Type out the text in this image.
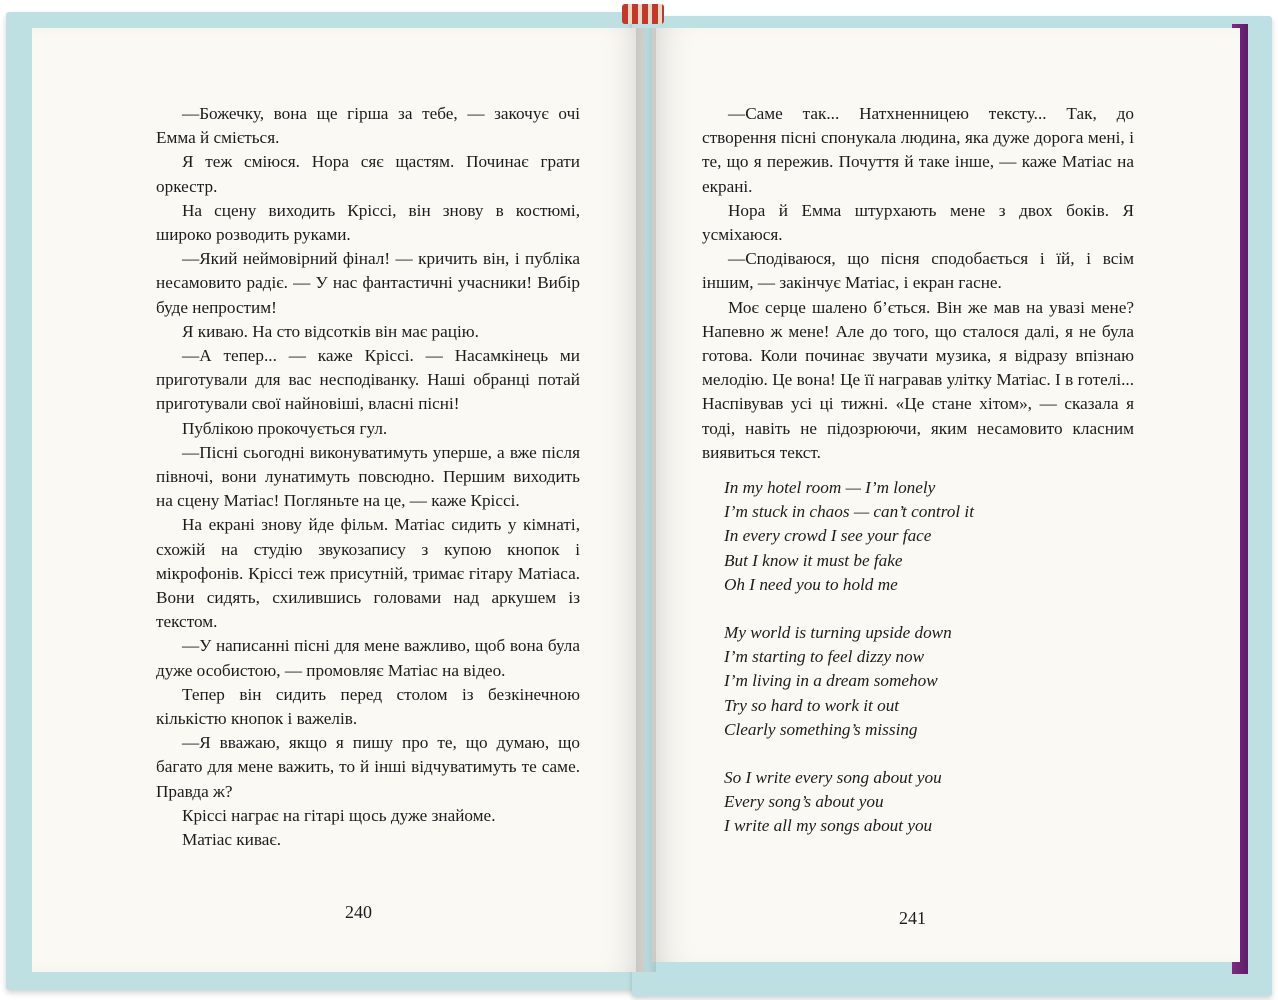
—Божечку, вона ще гірша за тебе, — закочує очі Емма й сміється.

Я теж сміюся. Нора сяє щастям. Починає грати оркестр.

На сцену виходить Кріссі, він знову в костюмі, широко розводить руками.

—Який неймовірний фінал! — кричить він, і публіка несамовито радіє. — У нас фантастичні учасники! Вибір буде непростим!

Я киваю. На сто відсотків він має рацію.

—А тепер... — каже Кріссі. — Насамкінець ми приготували для вас несподіванку. Наші обранці потай приготували свої найновіші, власні пісні!

Публікою прокочується гул.

—Пісні сьогодні виконуватимуть уперше, а вже після півночі, вони лунатимуть повсюдно. Першим виходить на сцену Матіас! Погляньте на це, — каже Кріссі.

На екрані знову йде фільм. Матіас сидить у кімнаті, схожій на студію звукозапису з купою кнопок і мікрофонів. Кріссі теж присутній, тримає гітару Матіаса. Вони сидять, схилившись головами над аркушем із текстом.

—У написанні пісні для мене важливо, щоб вона була дуже особистою, — промовляє Матіас на відео.

Тепер він сидить перед столом із безкінечною кількістю кнопок і важелів.

—Я вважаю, якщо я пишу про те, що думаю, що багато для мене важить, то й інші відчуватимуть те саме. Правда ж?

Кріссі награє на гітарі щось дуже знайоме.

Матіас киває.

240

—Саме так... Натхненницею тексту... Так, до створення пісні спонукала людина, яка дуже дорога мені, і те, що я пережив. Почуття й таке інше, — каже Матіас на екрані.

Нора й Емма штурхають мене з двох боків. Я усміхаюся.

—Сподіваюся, що пісня сподобається і їй, і всім іншим, — закінчує Матіас, і екран гасне.

Моє серце шалено б’ється. Він же мав на увазі мене? Напевно ж мене! Але до того, що сталося далі, я не була готова. Коли починає звучати музика, я відразу впізнаю мелодію. Це вона! Це її награвав улітку Матіас. І в готелі... Наспівував усі ці тижні. «Це стане хітом», — сказала я тоді, навіть не підозрюючи, яким несамовито класним виявиться текст.

In my hotel room — I’m lonely
I’m stuck in chaos — can’t control it
In every crowd I see your face
But I know it must be fake
Oh I need you to hold me
My world is turning upside down
I’m starting to feel dizzy now
I’m living in a dream somehow
Try so hard to work it out
Clearly something’s missing
So I write every song about you
Every song’s about you
I write all my songs about you
241
